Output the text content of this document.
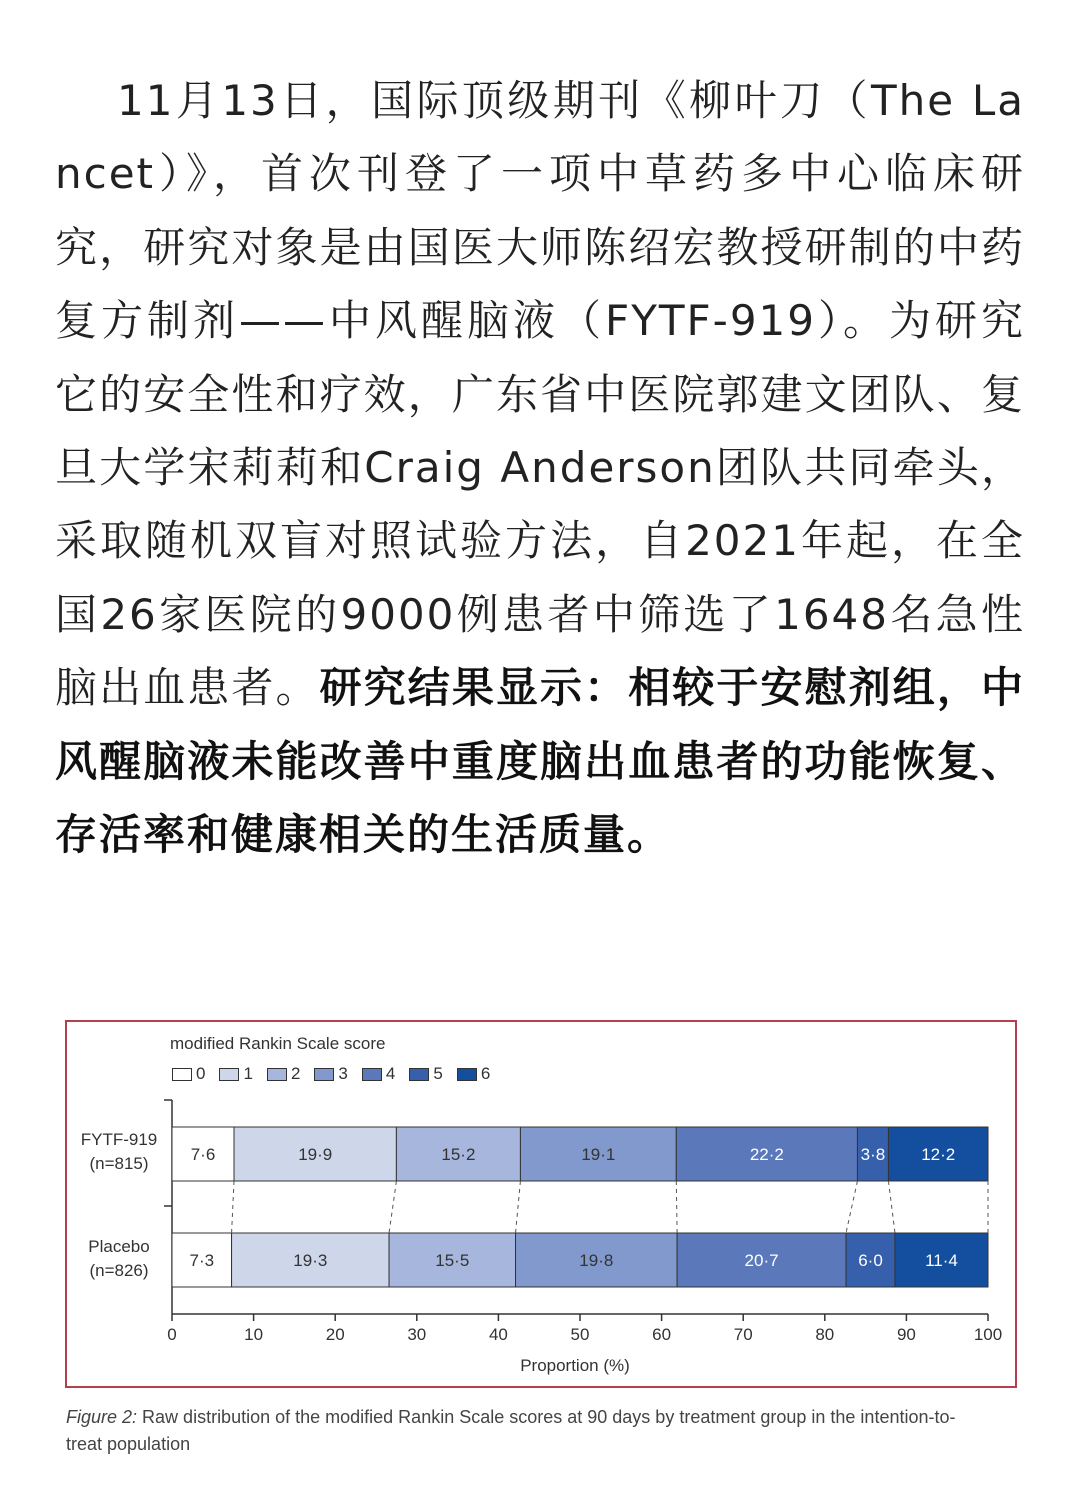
11月13日，国际顶级期刊《柳叶刀（The Lancet）》，首次刊登了一项中草药多中心临床研究，研究对象是由国医大师陈绍宏教授研制的中药复方制剂——中风醒脑液（FYTF-919）。为研究它的安全性和疗效，广东省中医院郭建文团队、复旦大学宋莉莉和Craig Anderson团队共同牵头，采取随机双盲对照试验方法，自2021年起，在全国26家医院的9000例患者中筛选了1648名急性脑出血患者。研究结果显示：相较于安慰剂组，中风醒脑液未能改善中重度脑出血患者的功能恢复、存活率和健康相关的生活质量。
modified Rankin Scale score
0 1 2 3 4 5 6
FYTF-919
(n=815)
Placebo
(n=826)
0	10	20	30	40	50	60	70	80	90	100
Proportion (%)
7·6	19·9	15·2	19·1	22·2	3·8 12·2
7·3	19·3	15·5	19·8	20·7	6·0 11·4
Figure 2: Raw distribution of the modified Rankin Scale scores at 90 days by treatment group in the intention-to-treat population
